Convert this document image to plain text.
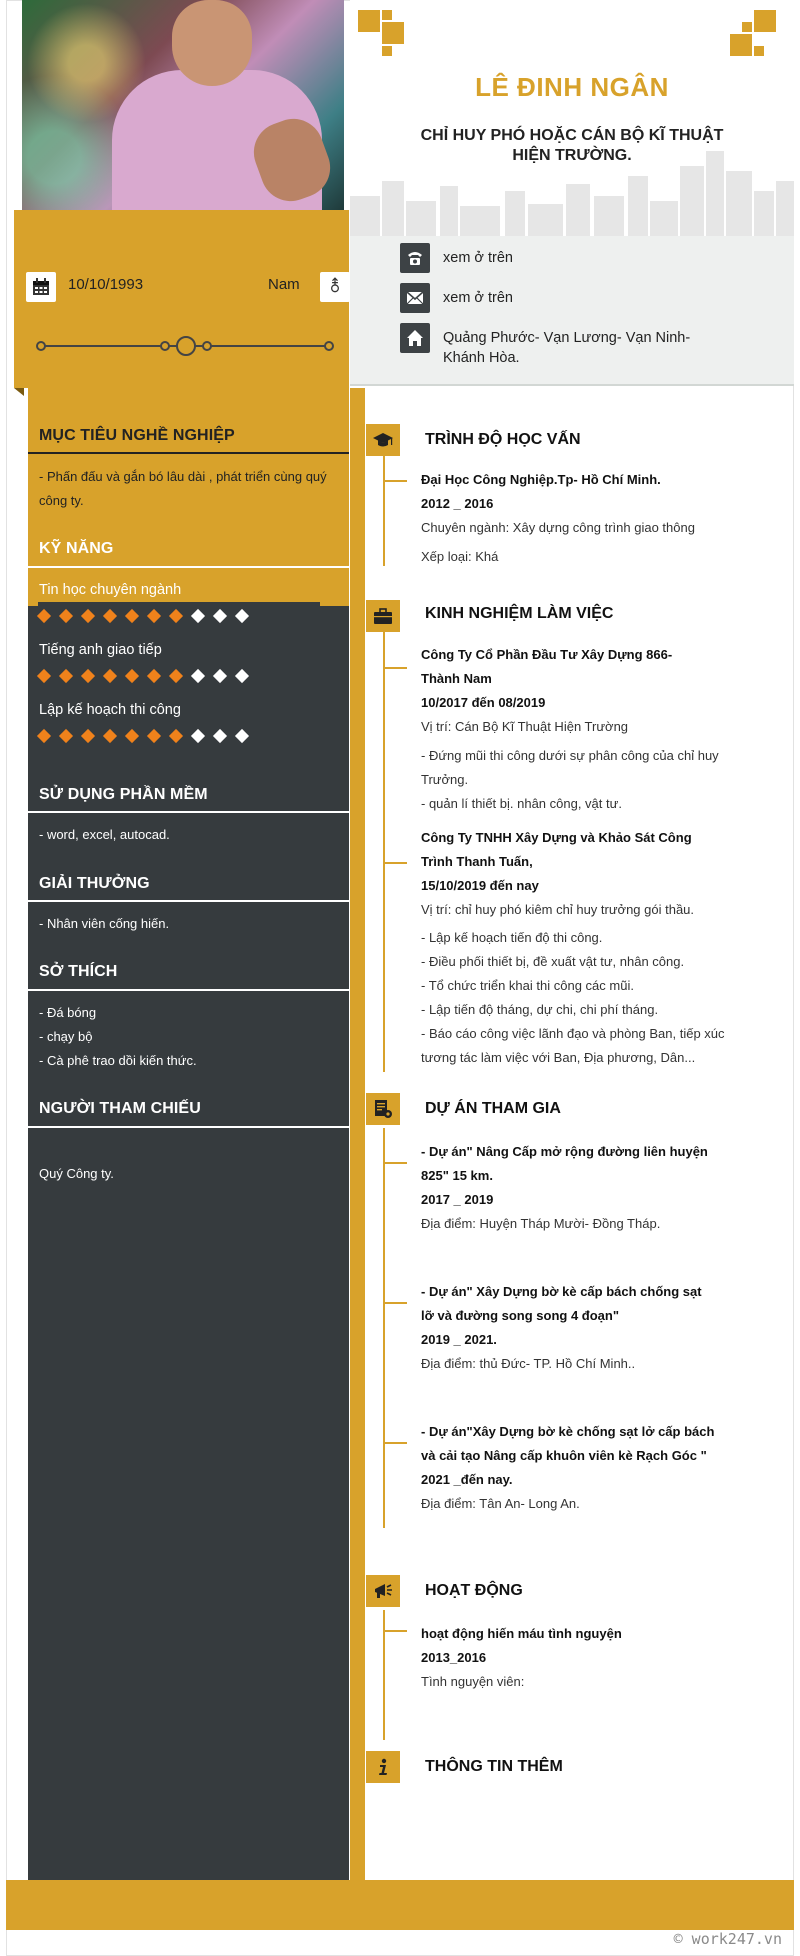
10/10/1993	Nam	⚨
MỤC TIÊU NGHỀ NGHIỆP
- Phấn đấu và gắn bó lâu dài , phát triển cùng quý công ty.
KỸ NĂNG
Tin học chuyên ngành
Tiếng anh giao tiếp
Lập kế hoạch thi công
SỬ DỤNG PHẦN MỀM
- word, excel, autocad.
GIẢI THƯỞNG
- Nhân viên cống hiến.
SỞ THÍCH
- Đá bóng
- chạy bộ
- Cà phê trao dồi kiến thức.
NGƯỜI THAM CHIẾU
Quý Công ty.
LÊ ĐINH NGÂN
CHỈ HUY PHÓ HOẶC CÁN BỘ KĨ THUẬT HIỆN TRƯỜNG.
xem ở trên
xem ở trên
Quảng Phước- Vạn Lương- Vạn Ninh- Khánh Hòa.
TRÌNH ĐỘ HỌC VẤN
Đại Học Công Nghiệp.Tp- Hồ Chí Minh.
2012 _ 2016
Chuyên ngành: Xây dựng công trình giao thông
Xếp loại: Khá
KINH NGHIỆM LÀM VIỆC
Công Ty Cổ Phần Đầu Tư Xây Dựng 866-
Thành Nam
10/2017 đến 08/2019
Vị trí: Cán Bộ Kĩ Thuật Hiện Trường
- Đứng mũi thi công dưới sự phân công của chỉ huy
Trưởng.
- quản lí thiết bị. nhân công, vật tư.
Công Ty TNHH Xây Dựng và Khảo Sát Công
Trình Thanh Tuấn,
15/10/2019 đến nay
Vị trí: chỉ huy phó kiêm chỉ huy trưởng gói thầu.
- Lập kế hoạch tiến độ thi công.
- Điều phối thiết bị, đề xuất vật tư, nhân công.
- Tổ chức triển khai thi công các mũi.
- Lập tiến độ tháng, dự chi, chi phí tháng.
- Báo cáo công việc lãnh đạo và phòng Ban, tiếp xúc
tương tác làm việc với Ban, Địa phương, Dân...
DỰ ÁN THAM GIA
- Dự án" Nâng Cấp mở rộng đường liên huyện
825" 15 km.
2017 _ 2019
Địa điểm: Huyện Tháp Mười- Đồng Tháp.
- Dự án" Xây Dựng bờ kè cấp bách chống sạt
lỡ và đường song song 4 đoạn"
2019 _ 2021.
Địa điểm: thủ Đức- TP. Hồ Chí Minh..
- Dự án"Xây Dựng bờ kè chống sạt lở cấp bách
và cải tạo Nâng cấp khuôn viên kè Rạch Góc "
2021 _đến nay.
Địa điểm: Tân An- Long An.
HOẠT ĐỘNG
hoạt động hiến máu tình nguyện
2013_2016
Tình nguyện viên:
THÔNG TIN THÊM
© work247.vn
